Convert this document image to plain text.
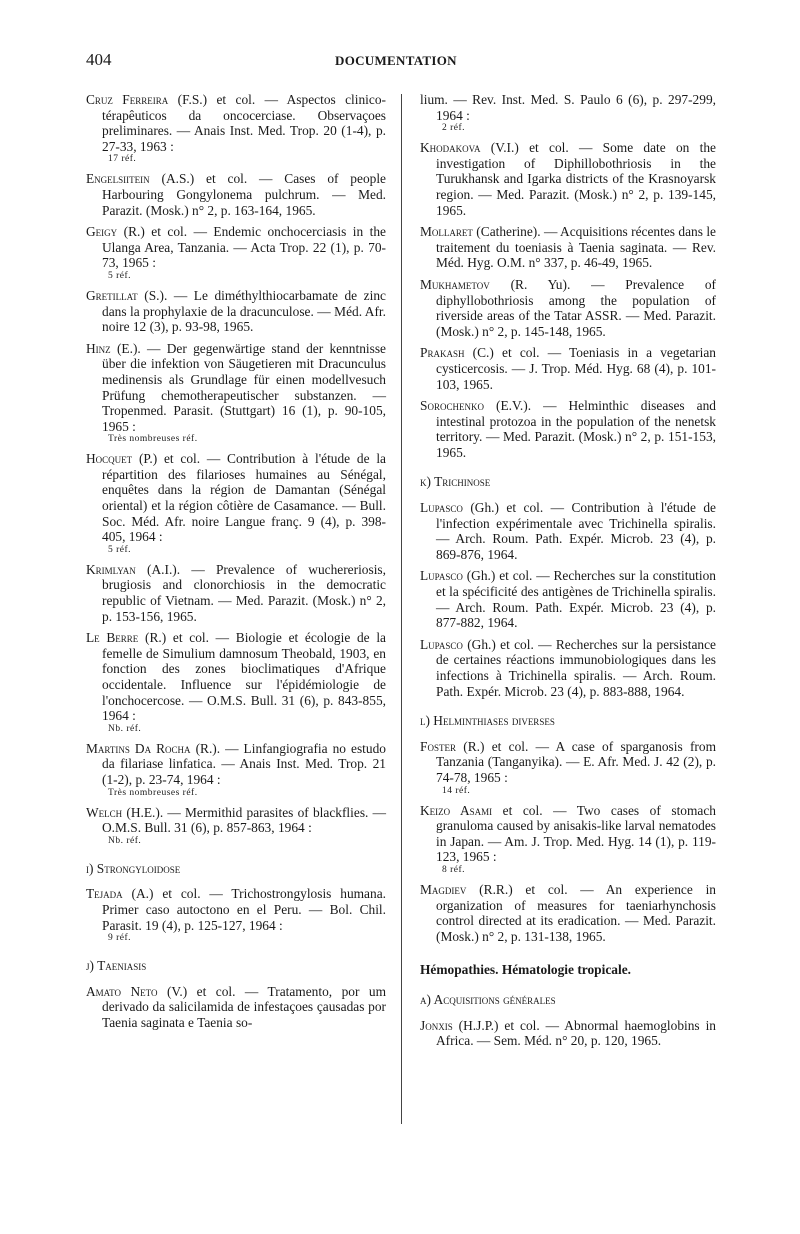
404	DOCUMENTATION

Cruz Ferreira (F.S.) et col. — Aspectos clinico-térapêuticos da oncocerciase. Observaçoes preliminares. — Anais Inst. Med. Trop. 20 (1-4), p. 27-33, 1963 :
17 réf.

Engelsiitein (A.S.) et col. — Cases of people Harbouring Gongylonema pulchrum. — Med. Parazit. (Mosk.) n° 2, p. 163-164, 1965.

Geigy (R.) et col. — Endemic onchocerciasis in the Ulanga Area, Tanzania. — Acta Trop. 22 (1), p. 70-73, 1965 :
5 réf.

Gretillat (S.). — Le diméthylthiocarbamate de zinc dans la prophylaxie de la dracunculose. — Méd. Afr. noire 12 (3), p. 93-98, 1965.

Hinz (E.). — Der gegenwärtige stand der kenntnisse über die infektion von Säugetieren mit Dracunculus medinensis als Grundlage für einen modellvesuch Prüfung chemotherapeutischer substanzen. — Tropenmed. Parasit. (Stuttgart) 16 (1), p. 90-105, 1965 :
Très nombreuses réf.

Hocquet (P.) et col. — Contribution à l'étude de la répartition des filarioses humaines au Sénégal, enquêtes dans la région de Damantan (Sénégal oriental) et la région côtière de Casamance. — Bull. Soc. Méd. Afr. noire Langue franç. 9 (4), p. 398-405, 1964 :
5 réf.

Krimlyan (A.I.). — Prevalence of wuchereriosis, brugiosis and clonorchiosis in the democratic republic of Vietnam. — Med. Parazit. (Mosk.) n° 2, p. 153-156, 1965.

Le Berre (R.) et col. — Biologie et écologie de la femelle de Simulium damnosum Theobald, 1903, en fonction des zones bioclimatiques d'Afrique occidentale. Influence sur l'épidémiologie de l'onchocercose. — O.M.S. Bull. 31 (6), p. 843-855, 1964 :
Nb. réf.

Martins Da Rocha (R.). — Linfangiografia no estudo da filariase linfatica. — Anais Inst. Med. Trop. 21 (1-2), p. 23-74, 1964 :
Très nombreuses réf.

Welch (H.E.). — Mermithid parasites of blackflies. — O.M.S. Bull. 31 (6), p. 857-863, 1964 :
Nb. réf.

i) Strongyloidose

Tejada (A.) et col. — Trichostrongylosis humana. Primer caso autoctono en el Peru. — Bol. Chil. Parasit. 19 (4), p. 125-127, 1964 :
9 réf.

j) Taeniasis

Amato Neto (V.) et col. — Tratamento, por um derivado da salicilamida de infestaçoes çausadas por Taenia saginata e Taenia so-

lium. — Rev. Inst. Med. S. Paulo 6 (6), p. 297-299, 1964 :
2 réf.

Khodakova (V.I.) et col. — Some date on the investigation of Diphillobothriosis in the Turukhansk and Igarka districts of the Krasnoyarsk region. — Med. Parazit. (Mosk.) n° 2, p. 139-145, 1965.

Mollaret (Catherine). — Acquisitions récentes dans le traitement du toeniasis à Taenia saginata. — Rev. Méd. Hyg. O.M. n° 337, p. 46-49, 1965.

Mukhametov (R. Yu). — Prevalence of diphyllobothriosis among the population of riverside areas of the Tatar ASSR. — Med. Parazit. (Mosk.) n° 2, p. 145-148, 1965.

Prakash (C.) et col. — Toeniasis in a vegetarian cysticercosis. — J. Trop. Méd. Hyg. 68 (4), p. 101-103, 1965.

Sorochenko (E.V.). — Helminthic diseases and intestinal protozoa in the population of the nenetsk territory. — Med. Parazit. (Mosk.) n° 2, p. 151-153, 1965.

k) Trichinose

Lupasco (Gh.) et col. — Contribution à l'étude de l'infection expérimentale avec Trichinella spiralis. — Arch. Roum. Path. Expér. Microb. 23 (4), p. 869-876, 1964.

Lupasco (Gh.) et col. — Recherches sur la constitution et la spécificité des antigènes de Trichinella spiralis. — Arch. Roum. Path. Expér. Microb. 23 (4), p. 877-882, 1964.

Lupasco (Gh.) et col. — Recherches sur la persistance de certaines réactions immunobiologiques dans les infections à Trichinella spiralis. — Arch. Roum. Path. Expér. Microb. 23 (4), p. 883-888, 1964.

l) Helminthiases diverses

Foster (R.) et col. — A case of sparganosis from Tanzania (Tanganyika). — E. Afr. Med. J. 42 (2), p. 74-78, 1965 :
14 réf.

Keizo Asami et col. — Two cases of stomach granuloma caused by anisakis-like larval nematodes in Japan. — Am. J. Trop. Med. Hyg. 14 (1), p. 119-123, 1965 :
8 réf.

Magdiev (R.R.) et col. — An experience in organization of measures for taeniarhynchosis control directed at its eradication. — Med. Parazit. (Mosk.) n° 2, p. 131-138, 1965.

Hémopathies. Hématologie tropicale.
a) Acquisitions générales

Jonxis (H.J.P.) et col. — Abnormal haemoglobins in Africa. — Sem. Méd. n° 20, p. 120, 1965.
